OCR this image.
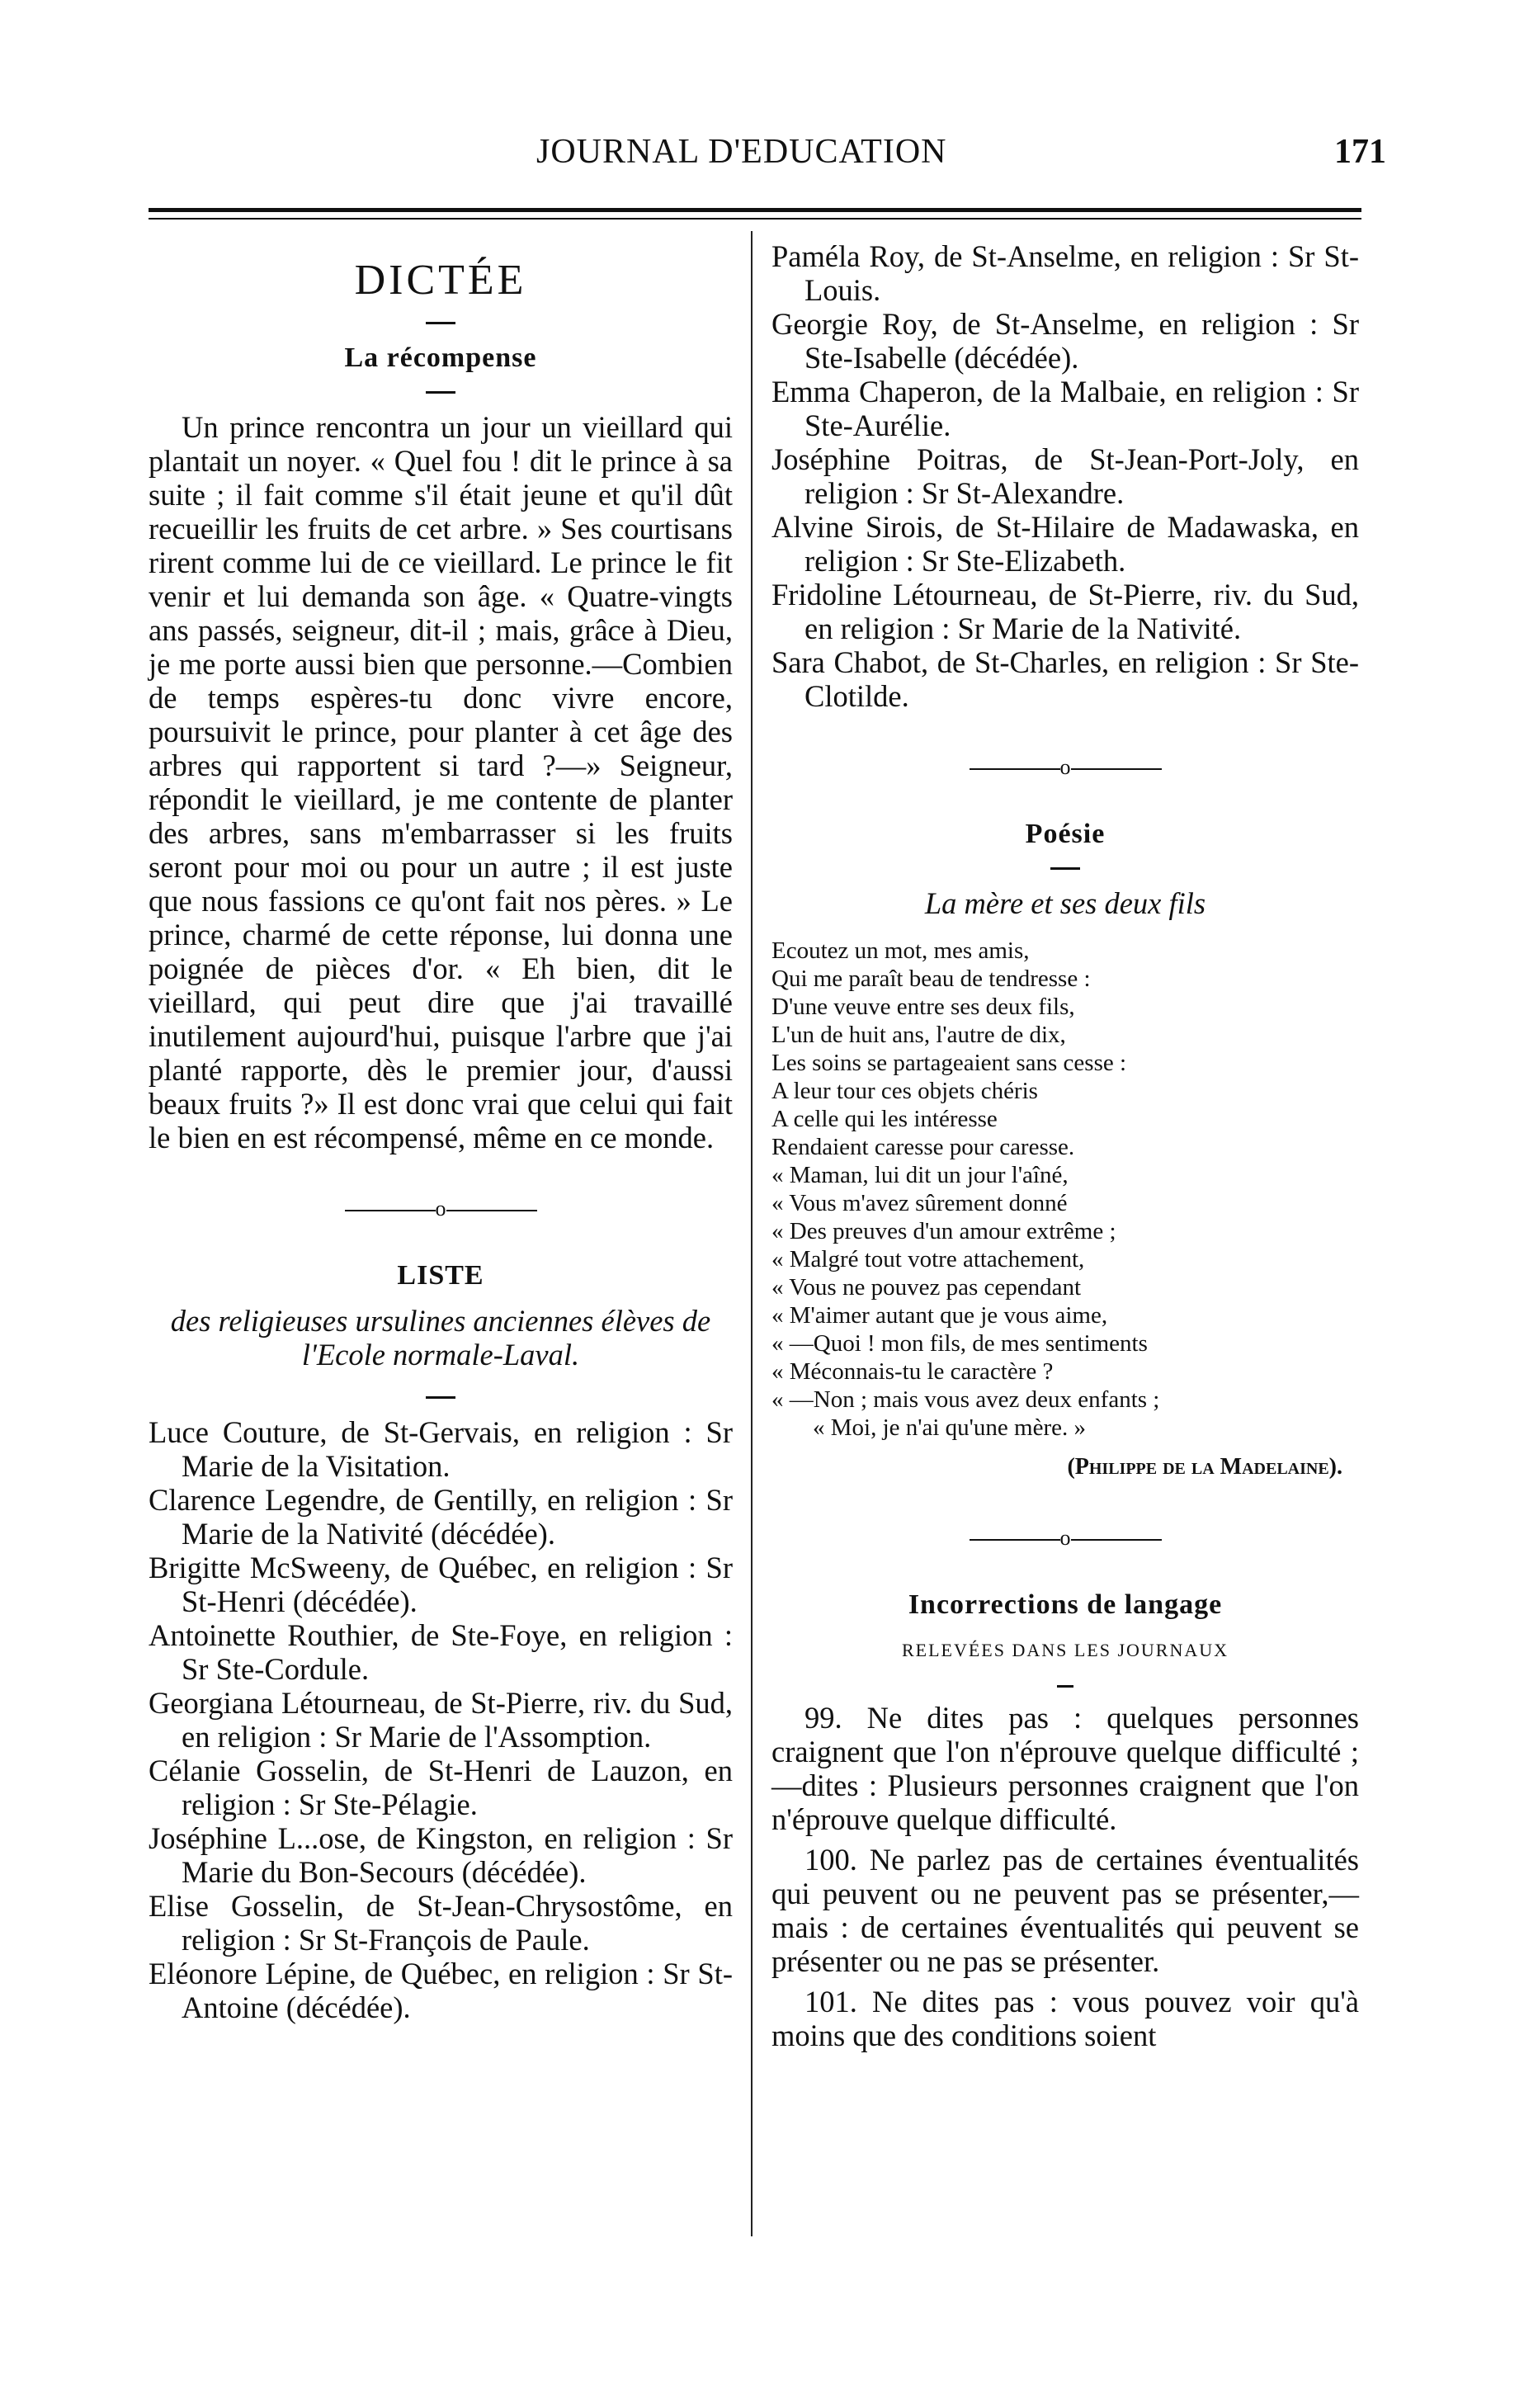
JOURNAL D'EDUCATION	171
DICTÉE
La récompense

Un prince rencontra un jour un vieillard qui plantait un noyer. « Quel fou ! dit le prince à sa suite ; il fait comme s'il était jeune et qu'il dût recueillir les fruits de cet arbre. » Ses courtisans rirent comme lui de ce vieillard. Le prince le fit venir et lui demanda son âge. « Quatre-vingts ans passés, seigneur, dit-il ; mais, grâce à Dieu, je me porte aussi bien que personne.—Combien de temps espères-tu donc vivre encore, poursuivit le prince, pour planter à cet âge des arbres qui rapportent si tard ?—» Seigneur, répondit le vieillard, je me contente de planter des arbres, sans m'embarrasser si les fruits seront pour moi ou pour un autre ; il est juste que nous fassions ce qu'ont fait nos pères. » Le prince, charmé de cette réponse, lui donna une poignée de pièces d'or. « Eh bien, dit le vieillard, qui peut dire que j'ai travaillé inutilement aujourd'hui, puisque l'arbre que j'ai planté rapporte, dès le premier jour, d'aussi beaux fruits ?» Il est donc vrai que celui qui fait le bien en est récompensé, même en ce monde.

o
LISTE
des religieuses ursulines anciennes élèves de l'Ecole normale-Laval.

Luce Couture, de St-Gervais, en religion : Sr Marie de la Visitation.

Clarence Legendre, de Gentilly, en religion : Sr Marie de la Nativité (décédée).

Brigitte McSweeny, de Québec, en religion : Sr St-Henri (décédée).

Antoinette Routhier, de Ste-Foye, en religion : Sr Ste-Cordule.

Georgiana Létourneau, de St-Pierre, riv. du Sud, en religion : Sr Marie de l'Assomption.

Célanie Gosselin, de St-Henri de Lauzon, en religion : Sr Ste-Pélagie.

Joséphine L...ose, de Kingston, en religion : Sr Marie du Bon-Secours (décédée).

Elise Gosselin, de St-Jean-Chrysostôme, en religion : Sr St-François de Paule.

Eléonore Lépine, de Québec, en religion : Sr St-Antoine (décédée).

Paméla Roy, de St-Anselme, en religion : Sr St-Louis.

Georgie Roy, de St-Anselme, en religion : Sr Ste-Isabelle (décédée).

Emma Chaperon, de la Malbaie, en religion : Sr Ste-Aurélie.

Joséphine Poitras, de St-Jean-Port-Joly, en religion : Sr St-Alexandre.

Alvine Sirois, de St-Hilaire de Madawaska, en religion : Sr Ste-Elizabeth.

Fridoline Létourneau, de St-Pierre, riv. du Sud, en religion : Sr Marie de la Nativité.

Sara Chabot, de St-Charles, en religion : Sr Ste-Clotilde.

o
Poésie
La mère et ses deux fils
Ecoutez un mot, mes amis,
Qui me paraît beau de tendresse :
D'une veuve entre ses deux fils,
L'un de huit ans, l'autre de dix,
Les soins se partageaient sans cesse :
A leur tour ces objets chéris
A celle qui les intéresse
Rendaient caresse pour caresse.
« Maman, lui dit un jour l'aîné,
« Vous m'avez sûrement donné
« Des preuves d'un amour extrême ;
« Malgré tout votre attachement,
« Vous ne pouvez pas cependant
« M'aimer autant que je vous aime,
« —Quoi ! mon fils, de mes sentiments
« Méconnais-tu le caractère ?
« —Non ; mais vous avez deux enfants ;
« Moi, je n'ai qu'une mère. »
(Philippe de la Madelaine).
o
Incorrections de langage
RELEVÉES DANS LES JOURNAUX

99. Ne dites pas : quelques personnes craignent que l'on n'éprouve quelque difficulté ;—dites : Plusieurs personnes craignent que l'on n'éprouve quelque difficulté.

100. Ne parlez pas de certaines éventualités qui peuvent ou ne peuvent pas se présenter,—mais : de certaines éventualités qui peuvent se présenter ou ne pas se présenter.

101. Ne dites pas : vous pouvez voir qu'à moins que des conditions soient
